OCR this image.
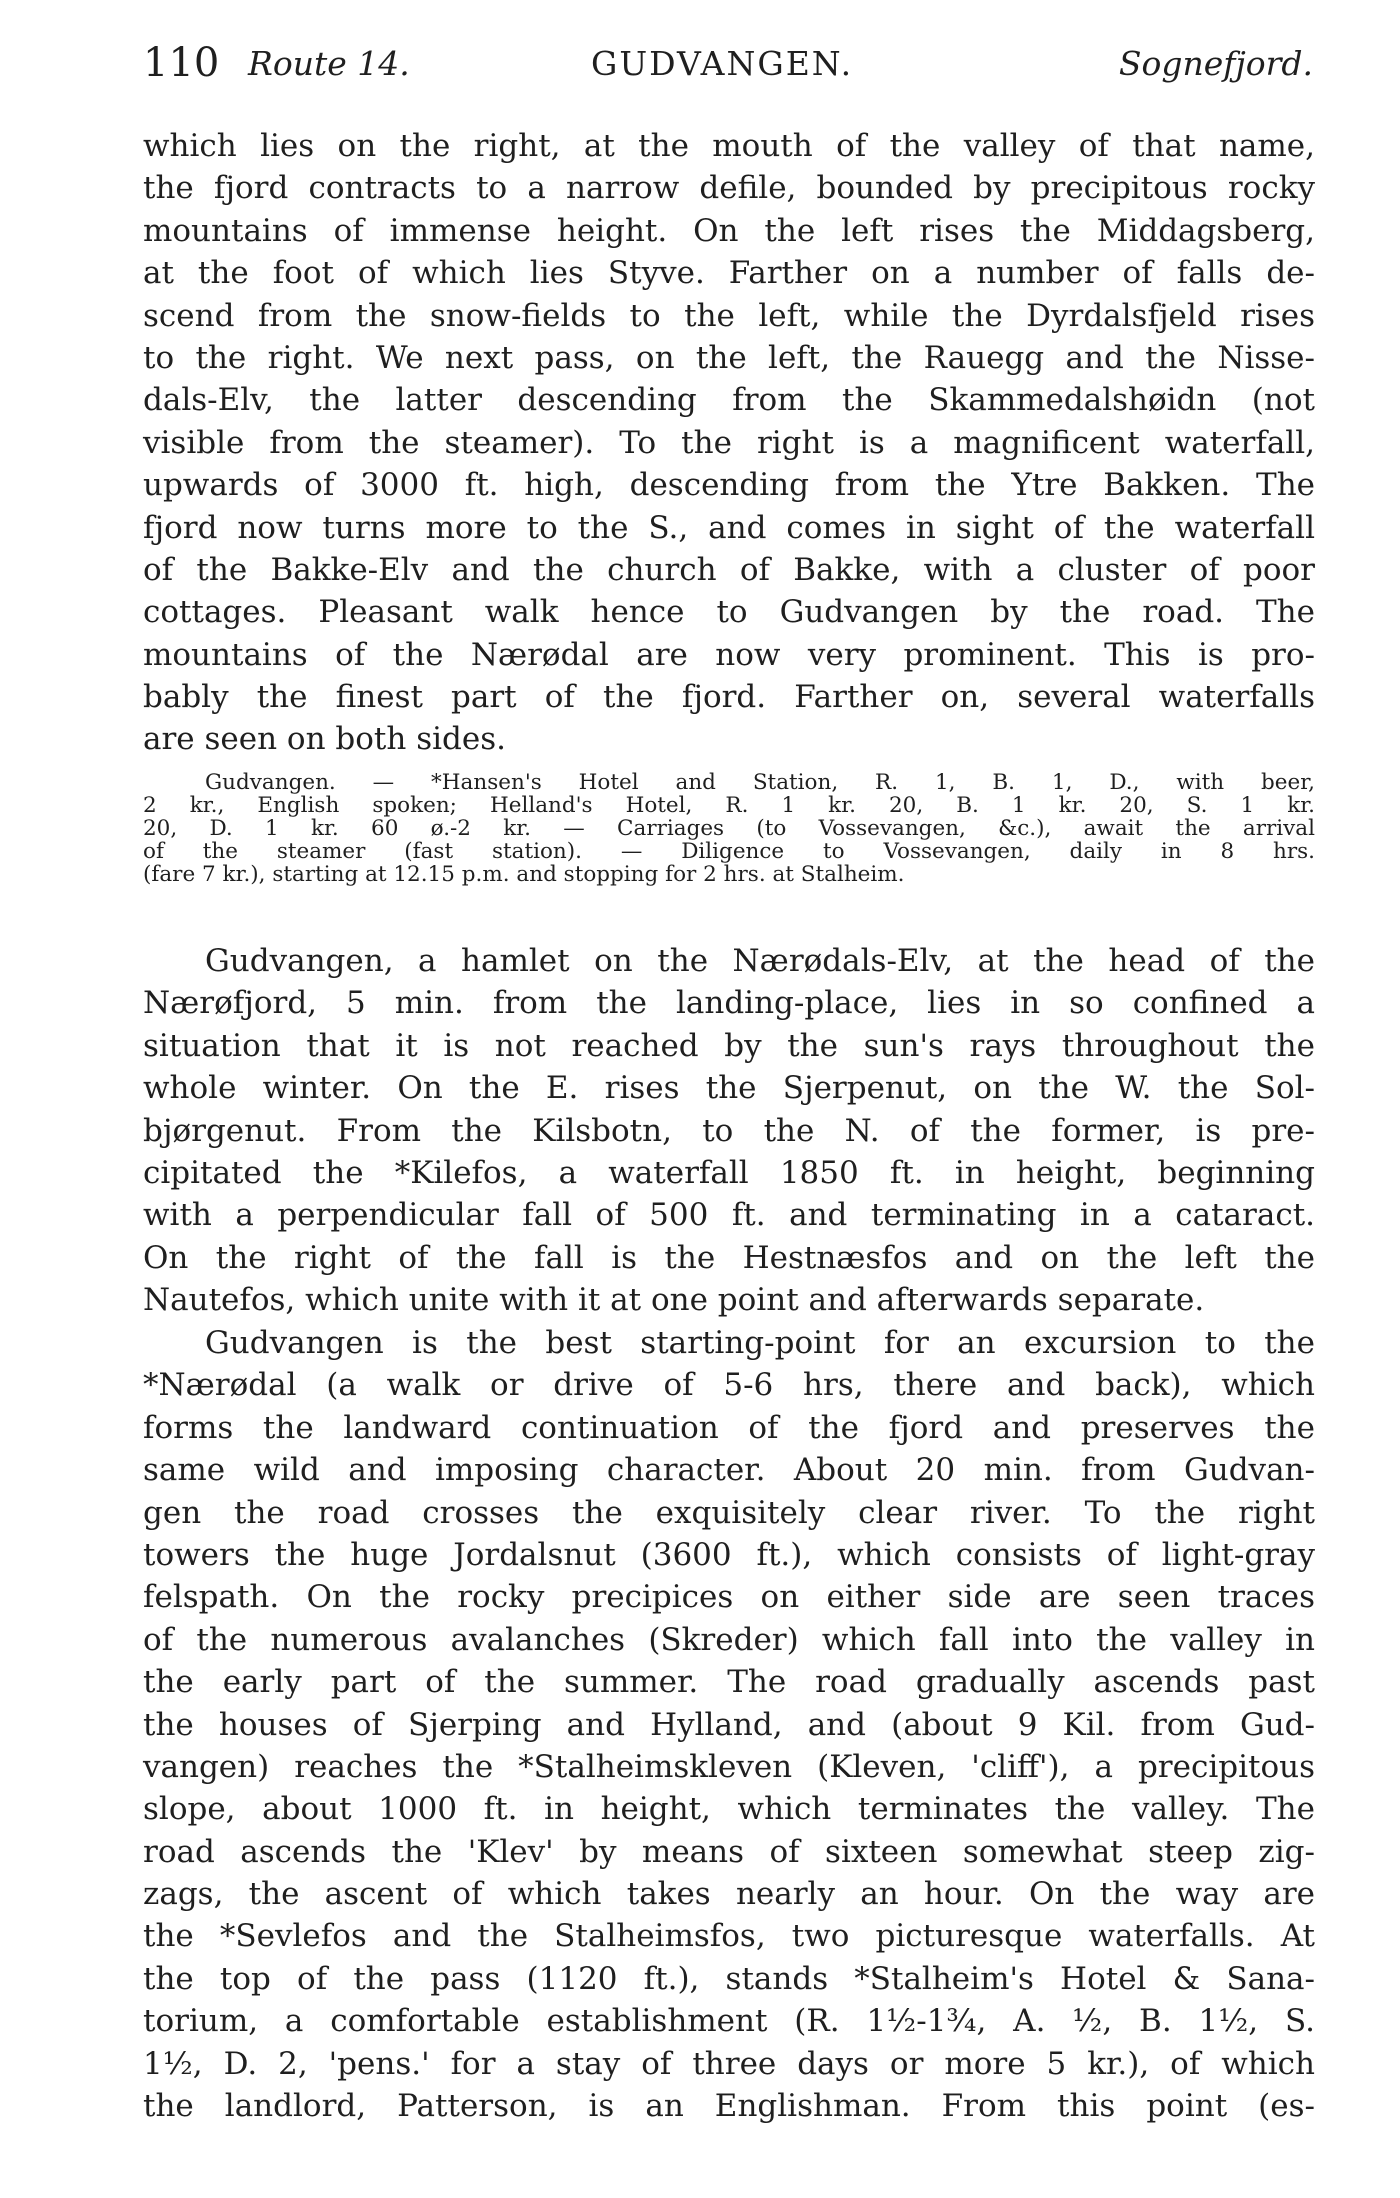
110 Route 14.	GUDVANGEN.	Sognefjord.
which lies on the right, at the mouth of the valley of that name,
the fjord contracts to a narrow defile, bounded by precipitous rocky
mountains of immense height. On the left rises the Middagsberg,
at the foot of which lies Styve. Farther on a number of falls de-
scend from the snow-fields to the left, while the Dyrdalsfjeld rises
to the right. We next pass, on the left, the Rauegg and the Nisse-
dals-Elv, the latter descending from the Skammedalshøidn (not
visible from the steamer). To the right is a magnificent waterfall,
upwards of 3000 ft. high, descending from the Ytre Bakken. The
fjord now turns more to the S., and comes in sight of the waterfall
of the Bakke-Elv and the church of Bakke, with a cluster of poor
cottages. Pleasant walk hence to Gudvangen by the road. The
mountains of the Nærødal are now very prominent. This is pro-
bably the finest part of the fjord. Farther on, several waterfalls
are seen on both sides.
Gudvangen. — *Hansen's Hotel and Station, R. 1, B. 1, D., with beer,
2 kr., English spoken; Helland's Hotel, R. 1 kr. 20, B. 1 kr. 20, S. 1 kr.
20, D. 1 kr. 60 ø.-2 kr. — Carriages (to Vossevangen, &c.), await the arrival
of the steamer (fast station). — Diligence to Vossevangen, daily in 8 hrs.
(fare 7 kr.), starting at 12.15 p.m. and stopping for 2 hrs. at Stalheim.
Gudvangen, a hamlet on the Nærødals-Elv, at the head of the
Nærøfjord, 5 min. from the landing-place, lies in so confined a
situation that it is not reached by the sun's rays throughout the
whole winter. On the E. rises the Sjerpenut, on the W. the Sol-
bjørgenut. From the Kilsbotn, to the N. of the former, is pre-
cipitated the *Kilefos, a waterfall 1850 ft. in height, beginning
with a perpendicular fall of 500 ft. and terminating in a cataract.
On the right of the fall is the Hestnæsfos and on the left the
Nautefos, which unite with it at one point and afterwards separate.
Gudvangen is the best starting-point for an excursion to the
*Nærødal (a walk or drive of 5-6 hrs, there and back), which
forms the landward continuation of the fjord and preserves the
same wild and imposing character. About 20 min. from Gudvan-
gen the road crosses the exquisitely clear river. To the right
towers the huge Jordalsnut (3600 ft.), which consists of light-gray
felspath. On the rocky precipices on either side are seen traces
of the numerous avalanches (Skreder) which fall into the valley in
the early part of the summer. The road gradually ascends past
the houses of Sjerping and Hylland, and (about 9 Kil. from Gud-
vangen) reaches the *Stalheimskleven (Kleven, 'cliff'), a precipitous
slope, about 1000 ft. in height, which terminates the valley. The
road ascends the 'Klev' by means of sixteen somewhat steep zig-
zags, the ascent of which takes nearly an hour. On the way are
the *Sevlefos and the Stalheimsfos, two picturesque waterfalls. At
the top of the pass (1120 ft.), stands *Stalheim's Hotel & Sana-
torium, a comfortable establishment (R. 1½-1¾, A. ½, B. 1½, S.
1½, D. 2, 'pens.' for a stay of three days or more 5 kr.), of which
the landlord, Patterson, is an Englishman. From this point (es-
